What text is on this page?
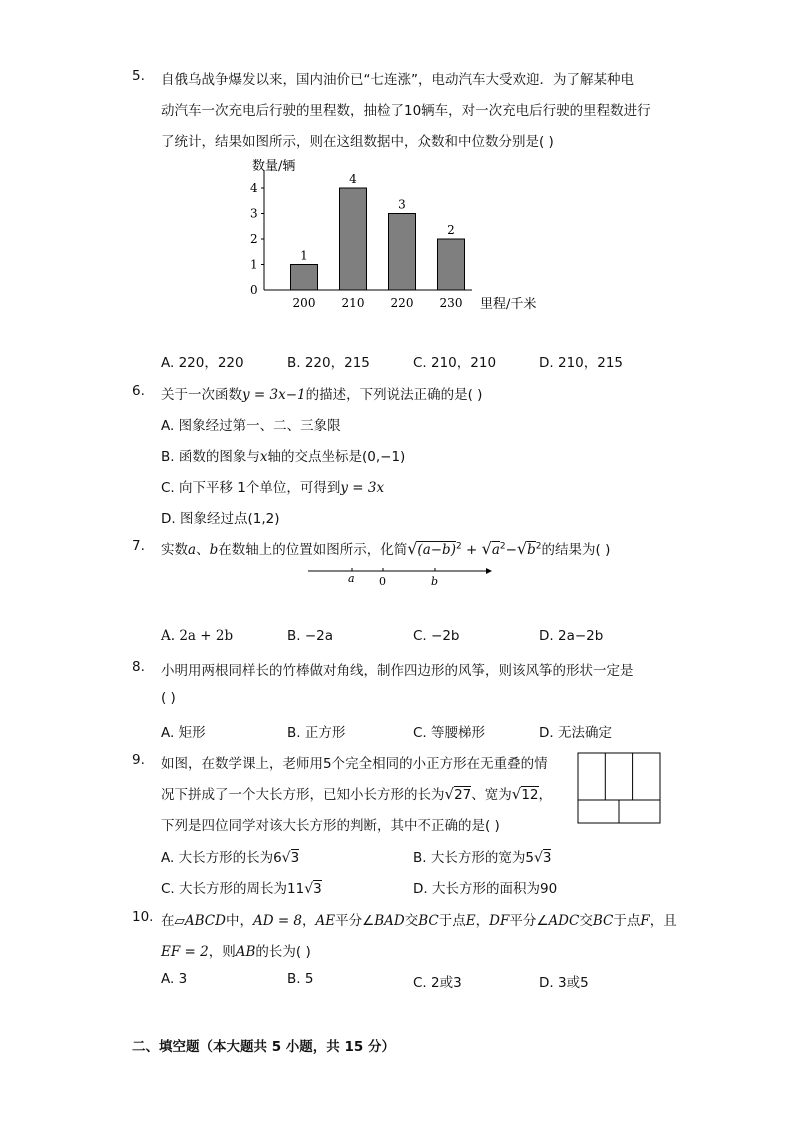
5. 自俄乌战争爆发以来，国内油价已“七连涨”，电动汽车大受欢迎．为了解某种电
动汽车一次充电后行驶的里程数，抽检了10辆车，对一次充电后行驶的里程数进行
了统计，结果如图所示，则在这组数据中，众数和中位数分别是( )
数量/辆
里程/千米
0
1
2
3
4
1
200
4
210
3
220
2
230
A. 220，220	B. 220，215	C. 210，210	D. 210，215
6. 关于一次函数y = 3x−1的描述，下列说法正确的是( )
A. 图象经过第一、二、三象限
B. 函数的图象与x轴的交点坐标是(0,−1)
C. 向下平移 1个单位，可得到y = 3x
D. 图象经过点(1,2)
7. 实数a、b在数轴上的位置如图所示，化简$√(a-b)^2 + √a^2-√b^2$的结果为( )
a 0	b
A. 2a + 2b	B. −2a	C. −2b	D. 2a−2b
8. 小明用两根同样长的竹棒做对角线，制作四边形的风筝，则该风筝的形状一定是
( )
A. 矩形	B. 正方形	C. 等腰梯形	D. 无法确定
9. 如图，在数学课上，老师用5个完全相同的小正方形在无重叠的情
况下拼成了一个大长方形，已知小长方形的长为√27、宽为√12，
下列是四位同学对该大长方形的判断，其中不正确的是( )
A. 大长方形的长为6√3	B. 大长方形的宽为5√3
C. 大长方形的周长为11√3	D. 大长方形的面积为90
10. 在▱ABCD中，AD = 8，AE平分∠BAD交BC于点E，DF平分∠ADC交BC于点F，且
EF = 2，则AB的长为( )
A. 3	B. 5	C. 2或3	D. 3或5
二、填空题（本大题共 5 小题，共 15 分）
